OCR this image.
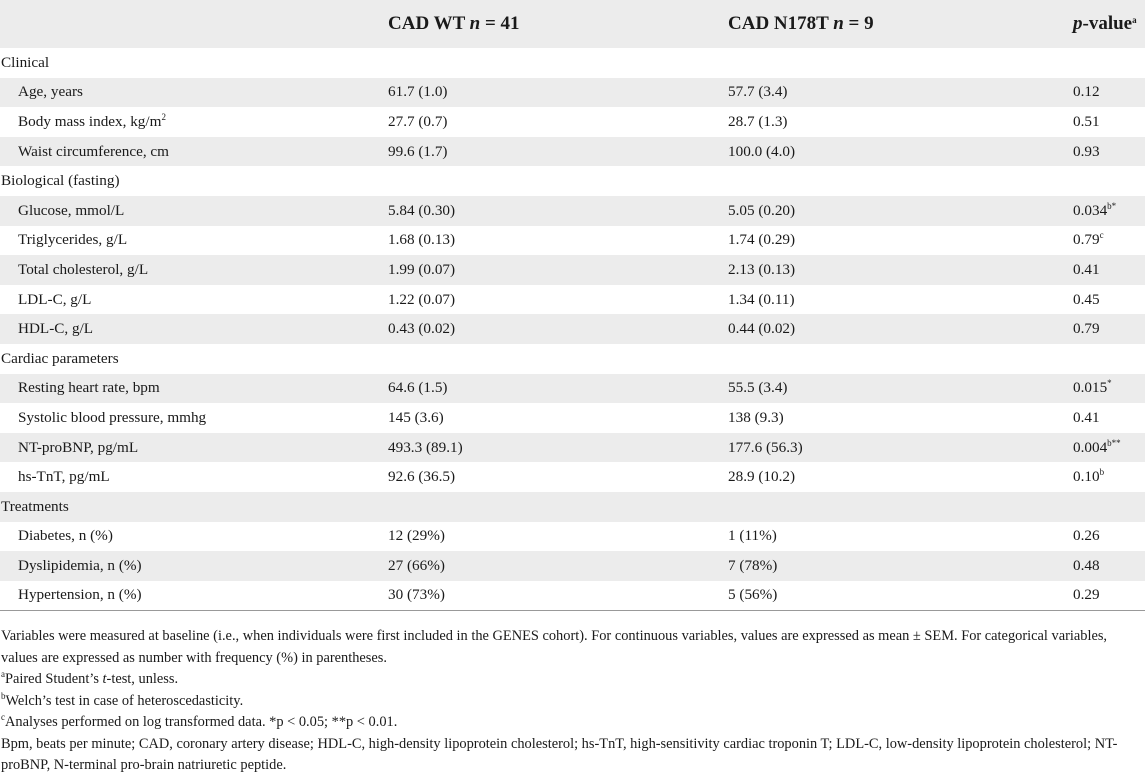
	CAD WT n = 41	CAD N178T n = 9	p-value$^a$
Clinical			
Age, years	61.7 (1.0)	57.7 (3.4)	0.12
Body mass index, $kg/m^2$	27.7 (0.7)	28.7 (1.3)	0.51
Waist circumference, cm	99.6 (1.7)	100.0 (4.0)	0.93
Biological (fasting)			
Glucose, mmol/L	5.84 (0.30)	5.05 (0.20)	$0.034^{b*}$
Triglycerides, g/L	1.68 (0.13)	1.74 (0.29)	0.79$^c$
Total cholesterol, g/L	1.99 (0.07)	2.13 (0.13)	0.41
LDL-C, g/L	1.22 (0.07)	1.34 (0.11)	0.45
HDL-C, g/L	0.43 (0.02)	0.44 (0.02)	0.79
Cardiac parameters			
Resting heart rate, bpm	64.6 (1.5)	55.5 (3.4)	0.015*
Systolic blood pressure, mmhg	145 (3.6)	138 (9.3)	0.41
NT-proBNP, pg/mL	493.3 (89.1)	177.6 (56.3)	$0.004^{b**}$
hs-TnT, pg/mL	92.6 (36.5)	28.9 (10.2)	0.10$^b$
Treatments			
Diabetes, n (%)	12 (29%)	1 (11%)	0.26
Dyslipidemia, n (%)	27 (66%)	7 (78%)	0.48
Hypertension, n (%)	30 (73%)	5 (56%)	0.29

Variables were measured at baseline (i.e., when individuals were first included in the GENES cohort). For continuous variables, values are expressed as mean ± SEM. For categorical variables, values are expressed as number with frequency (%) in parentheses.

$^a$Paired Student’s t-test, unless.

$^b$Welch’s test in case of heteroscedasticity.

$^c$Analyses performed on log transformed data. *p < 0.05; **p < 0.01.

Bpm, beats per minute; CAD, coronary artery disease; HDL-C, high-density lipoprotein cholesterol; hs-TnT, high-sensitivity cardiac troponin T; LDL-C, low-density lipoprotein cholesterol; NT-proBNP, N-terminal pro-brain natriuretic peptide.
